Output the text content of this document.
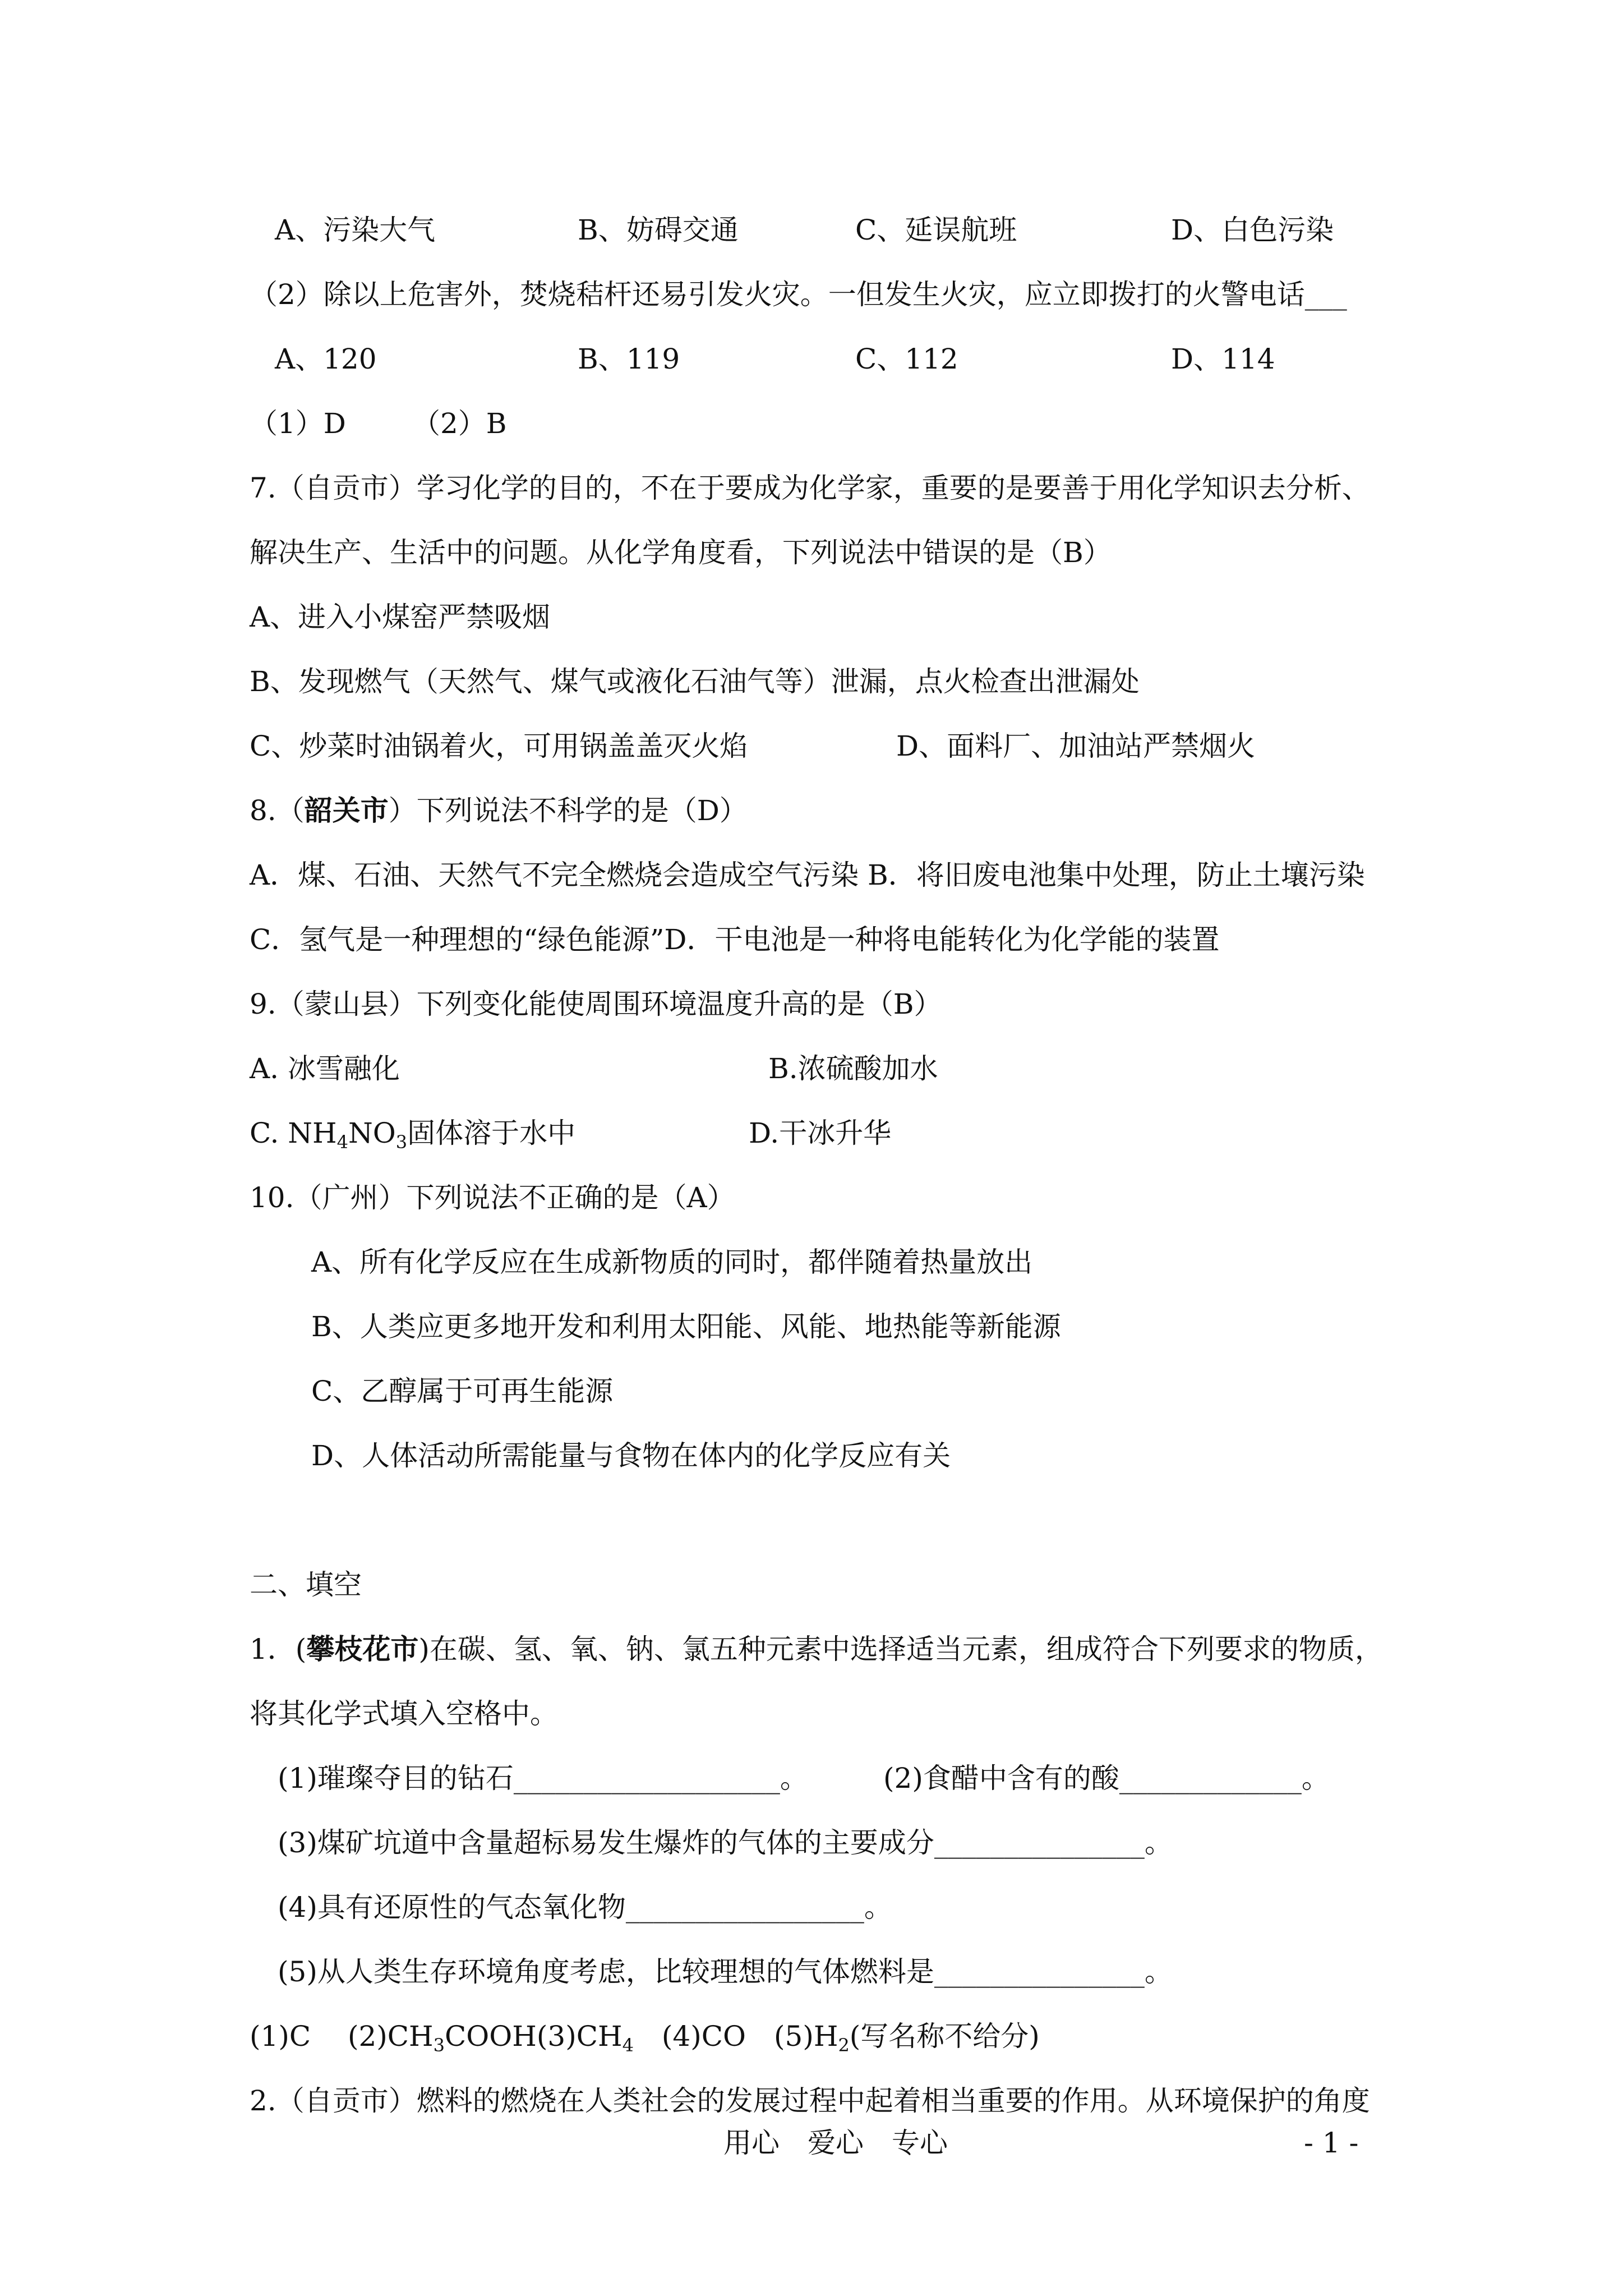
A、污染大气	B、妨碍交通	C、延误航班	D、白色污染
（2）除以上危害外，焚烧秸杆还易引发火灾。一但发生火灾，应立即拨打的火警电话___
A、120	B、119	C、112	D、114
（1）D （2）B
7.（自贡市）学习化学的目的，不在于要成为化学家，重要的是要善于用化学知识去分析、
解决生产、生活中的问题。从化学角度看，下列说法中错误的是（B）
A、进入小煤窑严禁吸烟
B、发现燃气（天然气、煤气或液化石油气等）泄漏，点火检查出泄漏处
C、炒菜时油锅着火，可用锅盖盖灭火焰	D、面料厂、加油站严禁烟火
8.（韶关市）下列说法不科学的是（D）
A．煤、石油、天然气不完全燃烧会造成空气污染 B．将旧废电池集中处理，防止土壤污染
C．氢气是一种理想的“绿色能源”D．干电池是一种将电能转化为化学能的装置
9.（蒙山县）下列变化能使周围环境温度升高的是（B）
A. 冰雪融化	B.浓硫酸加水
C. $NH_4NO_3$固体溶于水中	D.干冰升华
10.（广州）下列说法不正确的是（A）
A、所有化学反应在生成新物质的同时，都伴随着热量放出
B、人类应更多地开发和利用太阳能、风能、地热能等新能源
C、乙醇属于可再生能源
D、人体活动所需能量与食物在体内的化学反应有关
二、填空
1．(攀枝花市)在碳、氢、氧、钠、氯五种元素中选择适当元素，组成符合下列要求的物质，
将其化学式填入空格中。
(1)璀璨夺目的钻石___________________。	(2)食醋中含有的酸_____________。
(3)煤矿坑道中含量超标易发生爆炸的气体的主要成分_______________。
(4)具有还原性的气态氧化物_________________。
(5)从人类生存环境角度考虑，比较理想的气体燃料是_______________。
(1)C　 $(2)CH_3COOH(3)CH_4$　(4)CO　$(5)H_2$(写名称不给分)
2.（自贡市）燃料的燃烧在人类社会的发展过程中起着相当重要的作用。从环境保护的角度
用心　爱心　专心	- 1 -
